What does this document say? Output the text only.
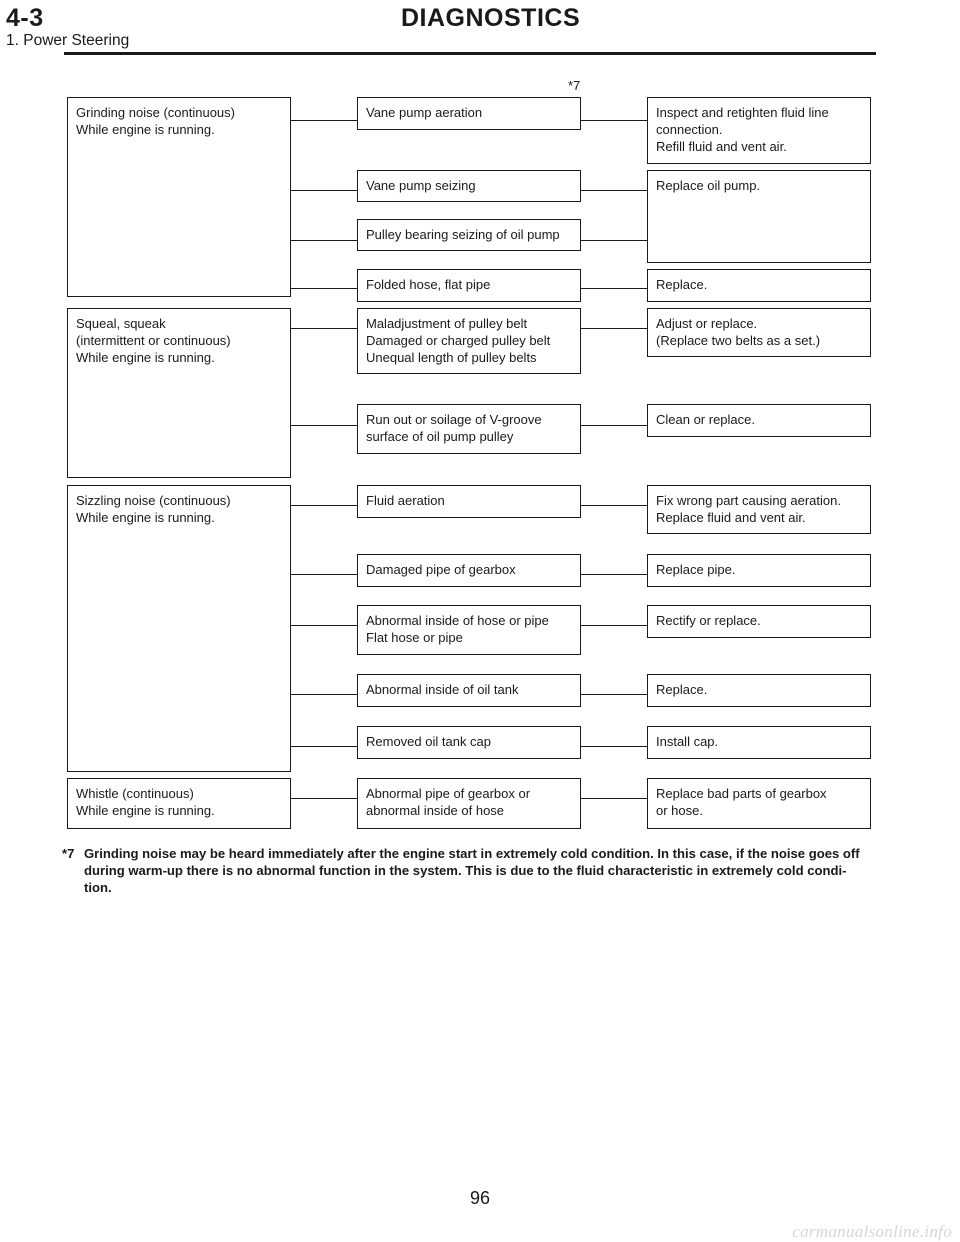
4-3	DIAGNOSTICS
1. Power Steering
*7
Grinding noise (continuous)
While engine is running.
Squeal, squeak
(intermittent or continuous)
While engine is running.
Sizzling noise (continuous)
While engine is running.
Whistle (continuous)
While engine is running.
Vane pump aeration
Vane pump seizing
Pulley bearing seizing of oil pump
Folded hose, flat pipe
Maladjustment of pulley belt
Damaged or charged pulley belt
Unequal length of pulley belts
Run out or soilage of V-groove
surface of oil pump pulley
Fluid aeration
Damaged pipe of gearbox
Abnormal inside of hose or pipe
Flat hose or pipe
Abnormal inside of oil tank
Removed oil tank cap
Abnormal pipe of gearbox or
abnormal inside of hose
Inspect and retighten fluid line
connection.
Refill fluid and vent air.
Replace oil pump.
Replace.
Adjust or replace.
(Replace two belts as a set.)
Clean or replace.
Fix wrong part causing aeration.
Replace fluid and vent air.
Replace pipe.
Rectify or replace.
Replace.
Install cap.
Replace bad parts of gearbox
or hose.
*7 Grinding noise may be heard immediately after the engine start in extremely cold condition. In this case, if the noise goes off during warm-up there is no abnormal function in the system. This is due to the fluid characteristic in extremely cold condi-tion.
96
carmanualsonline.info
